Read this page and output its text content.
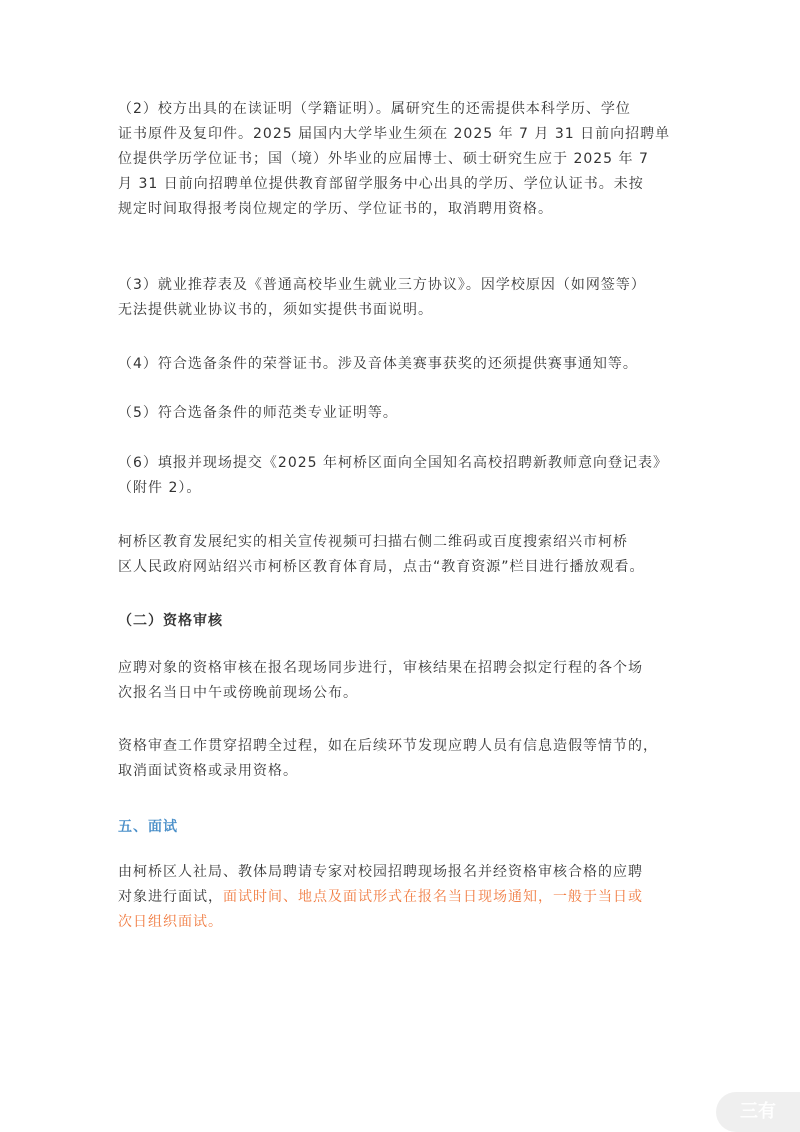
（2）校方出具的在读证明（学籍证明）。属研究生的还需提供本科学历、学位
证书原件及复印件。2025 届国内大学毕业生须在 2025 年 7 月 31 日前向招聘单
位提供学历学位证书；国（境）外毕业的应届博士、硕士研究生应于 2025 年 7
月 31 日前向招聘单位提供教育部留学服务中心出具的学历、学位认证书。未按
规定时间取得报考岗位规定的学历、学位证书的，取消聘用资格。

（3）就业推荐表及《普通高校毕业生就业三方协议》。因学校原因（如网签等）
无法提供就业协议书的，须如实提供书面说明。

（4）符合选备条件的荣誉证书。涉及音体美赛事获奖的还须提供赛事通知等。

（5）符合选备条件的师范类专业证明等。

（6）填报并现场提交《2025 年柯桥区面向全国知名高校招聘新教师意向登记表》
（附件 2）。

柯桥区教育发展纪实的相关宣传视频可扫描右侧二维码或百度搜索绍兴市柯桥
区人民政府网站绍兴市柯桥区教育体育局，点击“教育资源”栏目进行播放观看。

（二）资格审核

应聘对象的资格审核在报名现场同步进行，审核结果在招聘会拟定行程的各个场
次报名当日中午或傍晚前现场公布。

资格审查工作贯穿招聘全过程，如在后续环节发现应聘人员有信息造假等情节的，
取消面试资格或录用资格。

五、面试

由柯桥区人社局、教体局聘请专家对校园招聘现场报名并经资格审核合格的应聘
对象进行面试，面试时间、地点及面试形式在报名当日现场通知，一般于当日或
次日组织面试。

三有
